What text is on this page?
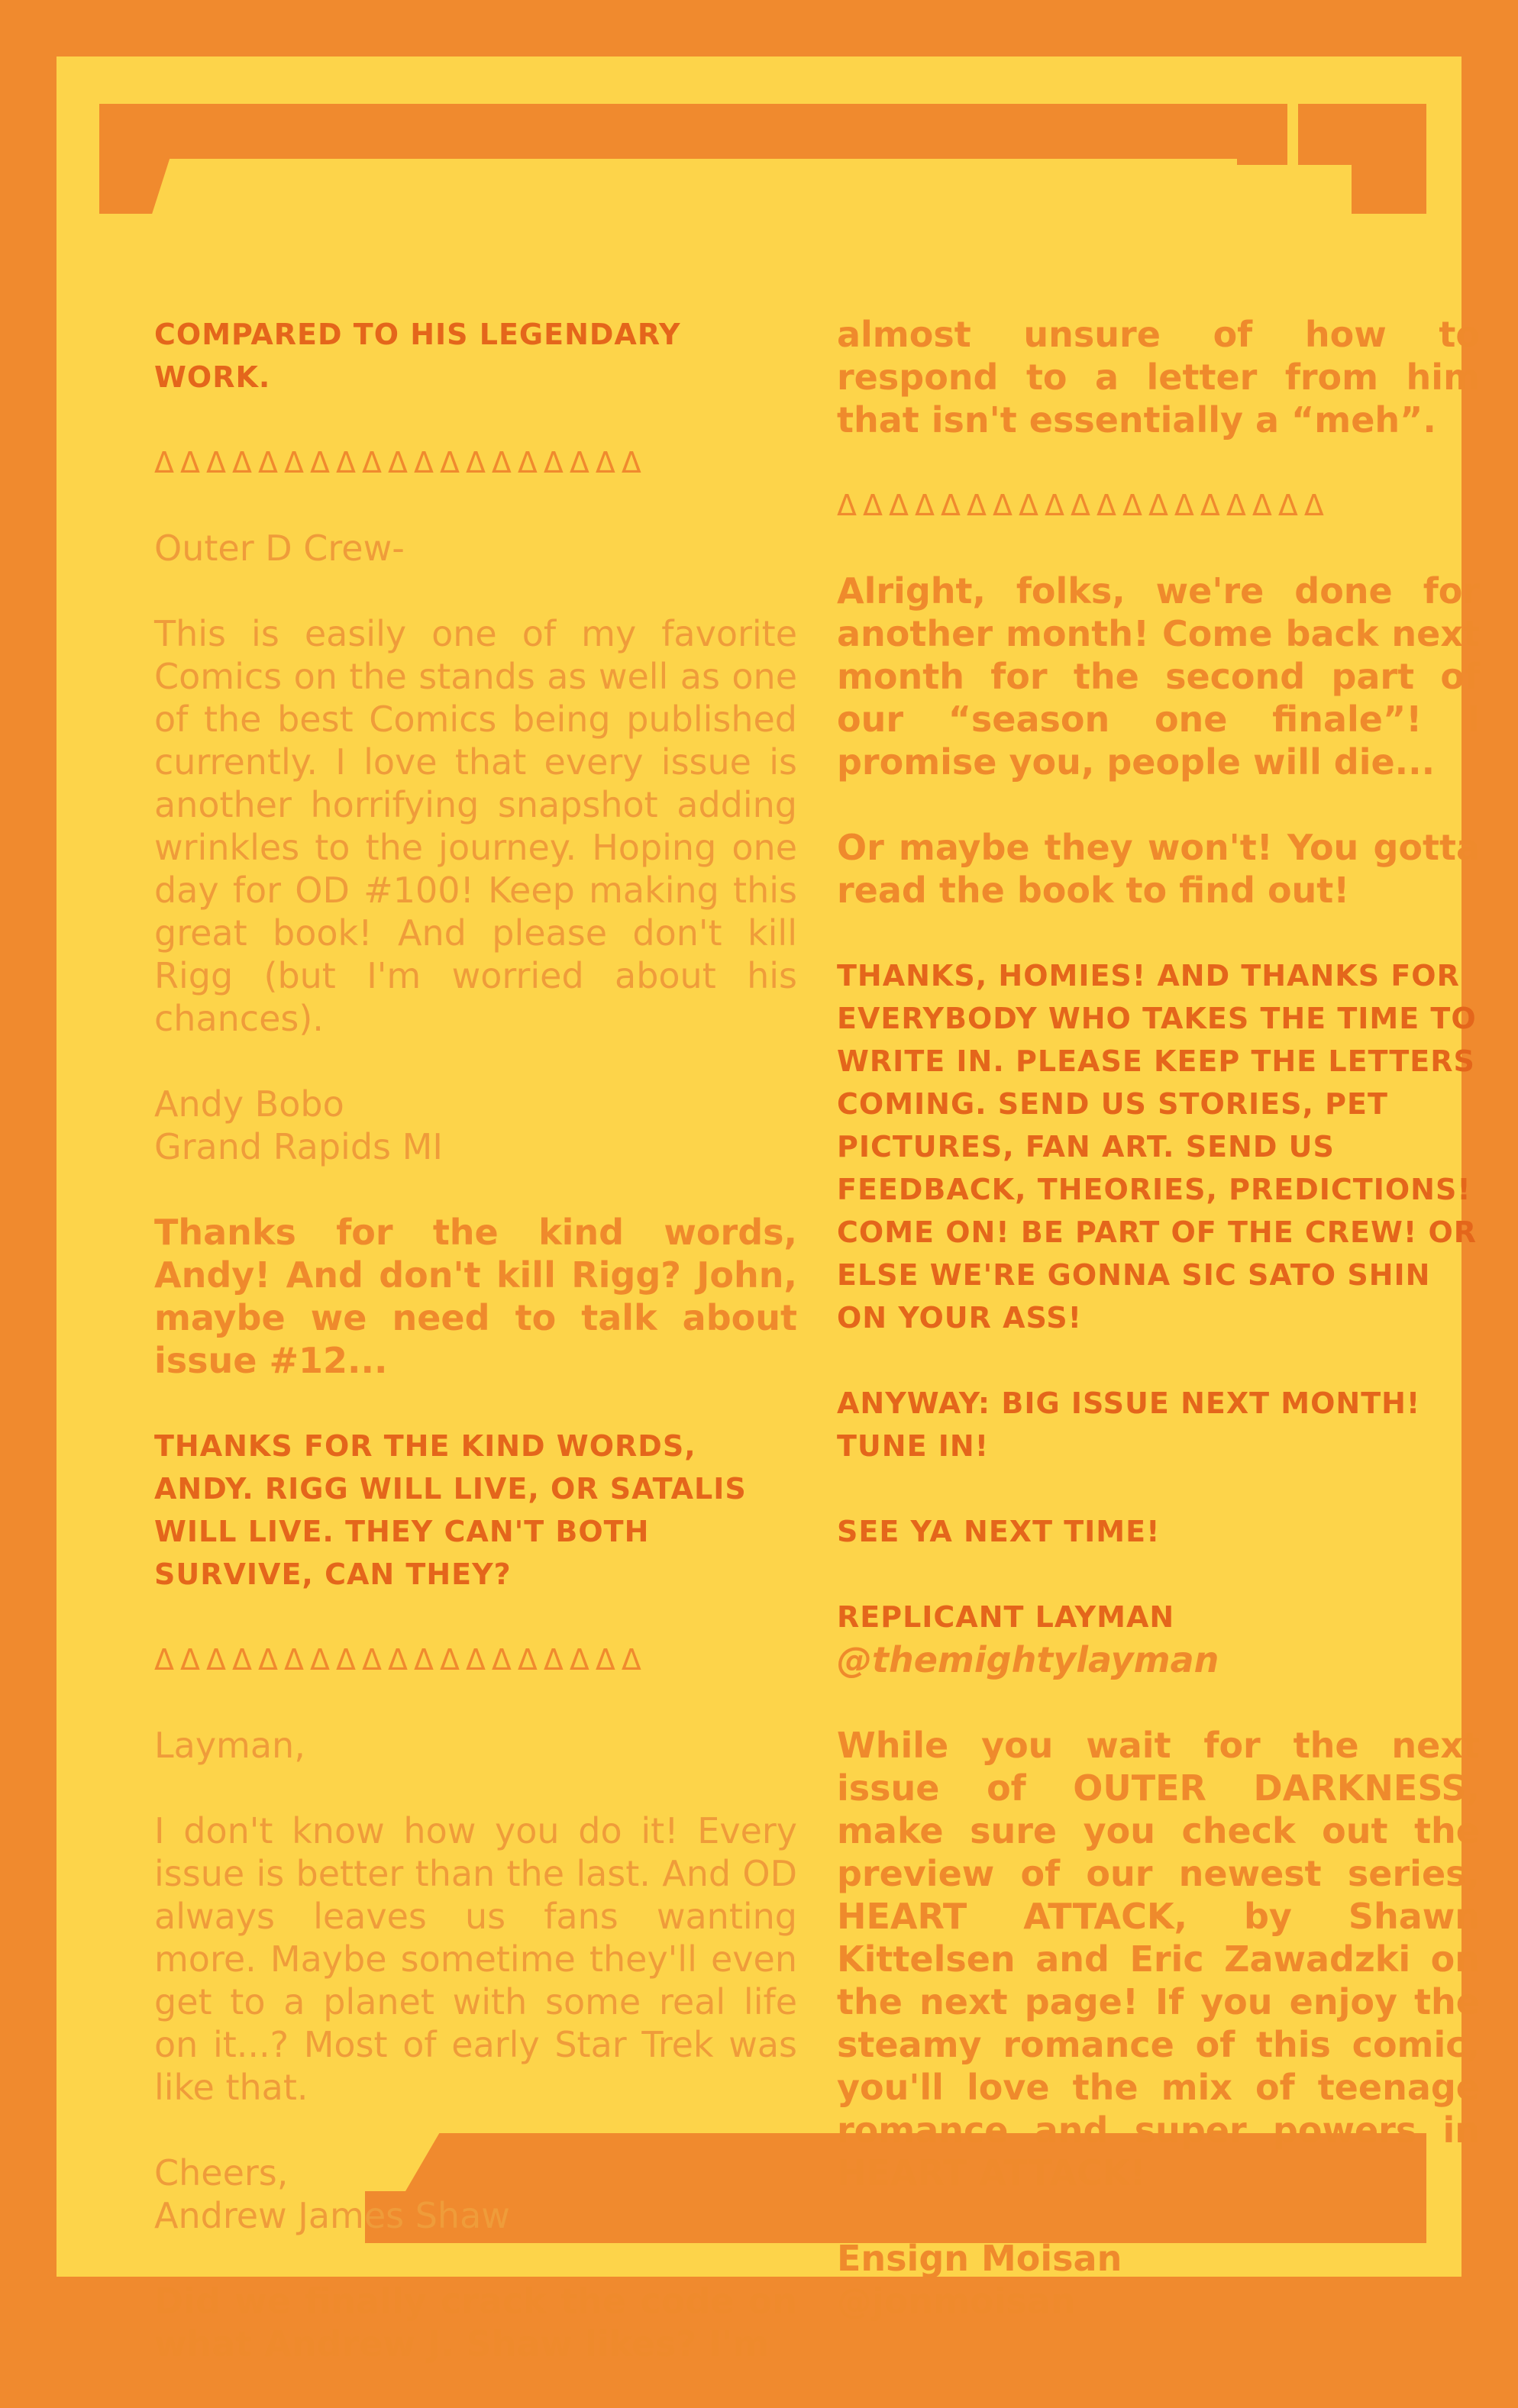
COMPARED TO HIS LEGENDARY WORK.

ΔΔΔΔΔΔΔΔΔΔΔΔΔΔΔΔΔΔΔ

Outer D Crew-

This is easily one of my favorite Comics on the stands as well as one of the best Comics being published currently. I love that every issue is another horrifying snapshot adding wrinkles to the journey. Hoping one day for OD #100! Keep making this great book! And please don't kill Rigg (but I'm worried about his chances).

Andy Bobo

Grand Rapids MI

Thanks for the kind words, Andy! And don't kill Rigg? John, maybe we need to talk about issue #12...

THANKS FOR THE KIND WORDS, ANDY. RIGG WILL LIVE, OR SATALIS WILL LIVE. THEY CAN'T BOTH SURVIVE, CAN THEY?

ΔΔΔΔΔΔΔΔΔΔΔΔΔΔΔΔΔΔΔ

Layman,

I don't know how you do it! Every issue is better than the last. And OD always leaves us fans wanting more. Maybe sometime they'll even get to a planet with some real life on it...? Most of early Star Trek was like that.

Cheers,

Andrew James Shaw

Did we finally crack the code on what Andrew J. Shaw likes? I'm

almost unsure of how to respond to a letter from him that isn't essentially a “meh”.

ΔΔΔΔΔΔΔΔΔΔΔΔΔΔΔΔΔΔΔ

Alright, folks, we're done for another month! Come back next month for the second part of our “season one finale”! I promise you, people will die...

Or maybe they won't! You gotta read the book to find out!

THANKS, HOMIES! AND THANKS FOR EVERYBODY WHO TAKES THE TIME TO WRITE IN. PLEASE KEEP THE LETTERS COMING. SEND US STORIES, PET PICTURES, FAN ART. SEND US FEEDBACK, THEORIES, PREDICTIONS! COME ON! BE PART OF THE CREW! OR ELSE WE'RE GONNA SIC SATO SHIN ON YOUR ASS!

ANYWAY: BIG ISSUE NEXT MONTH! TUNE IN!

SEE YA NEXT TIME!

REPLICANT LAYMAN

@themightylayman

While you wait for the next issue of OUTER DARKNESS, make sure you check out the preview of our newest series, HEART ATTACK, by Shawn Kittelsen and Eric Zawadzki on the next page! If you enjoy the steamy romance of this comic, you'll love the mix of teenage romance and super powers in HEART ATTACK!

Ensign Moisan

@jonmoisan
